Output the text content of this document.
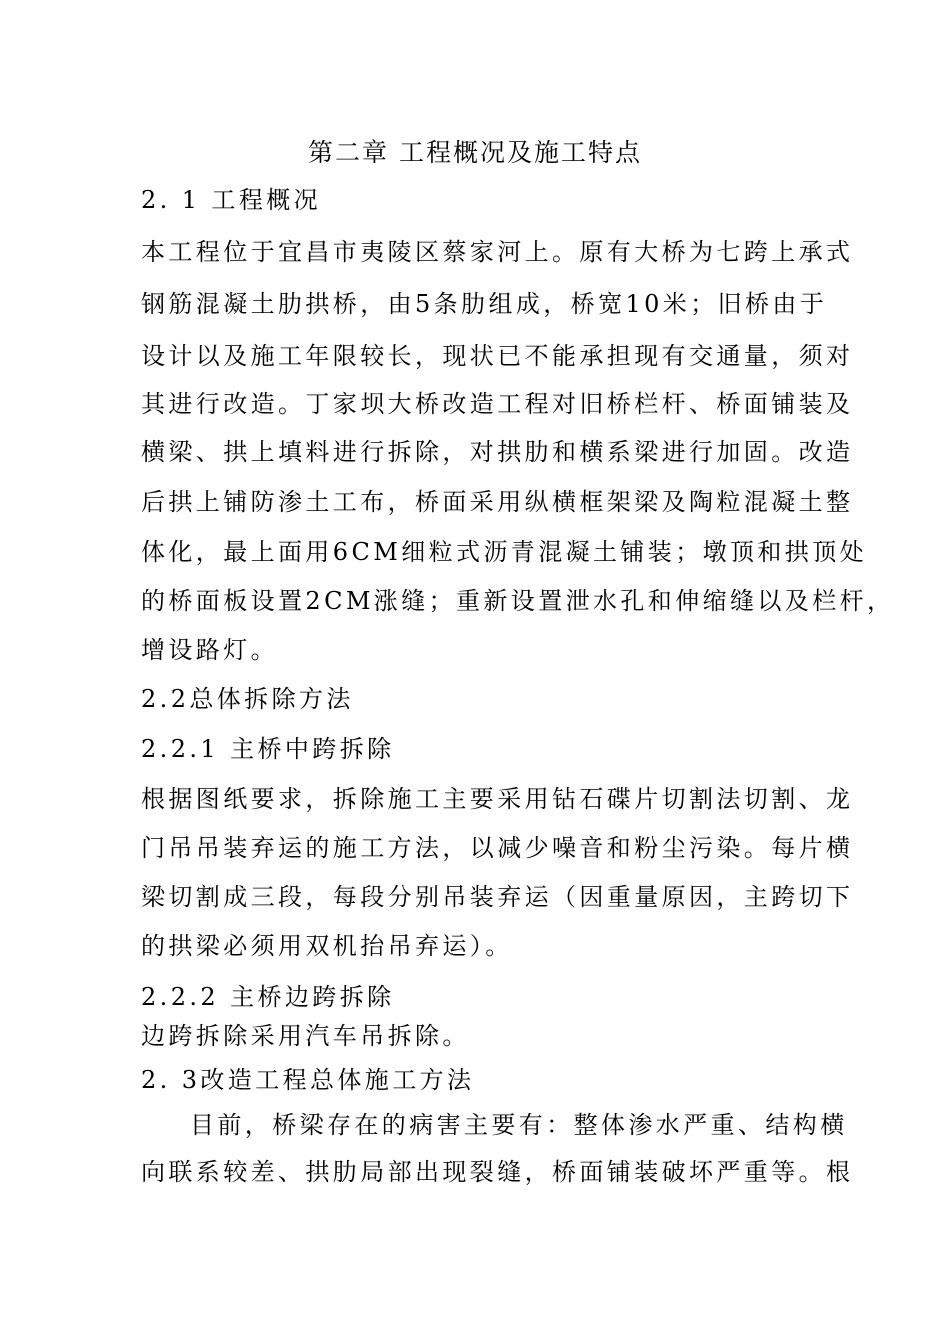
第二章 工程概况及施工特点
2. 1 工程概况
本工程位于宜昌市夷陵区蔡家河上。原有大桥为七跨上承式
钢筋混凝土肋拱桥，由5条肋组成，桥宽10米；旧桥由于
设计以及施工年限较长，现状已不能承担现有交通量，须对
其进行改造。丁家坝大桥改造工程对旧桥栏杆、桥面铺装及
横梁、拱上填料进行拆除，对拱肋和横系梁进行加固。改造
后拱上铺防渗土工布，桥面采用纵横框架梁及陶粒混凝土整
体化，最上面用6CM细粒式沥青混凝土铺装；墩顶和拱顶处
的桥面板设置2CM涨缝；重新设置泄水孔和伸缩缝以及栏杆，
增设路灯。
2.2总体拆除方法
2.2.1 主桥中跨拆除
根据图纸要求，拆除施工主要采用钻石碟片切割法切割、龙
门吊吊装弃运的施工方法，以减少噪音和粉尘污染。每片横
梁切割成三段，每段分别吊装弃运（因重量原因，主跨切下
的拱梁必须用双机抬吊弃运）。
2.2.2 主桥边跨拆除
边跨拆除采用汽车吊拆除。
2. 3改造工程总体施工方法
目前，桥梁存在的病害主要有：整体渗水严重、结构横
向联系较差、拱肋局部出现裂缝，桥面铺装破坏严重等。根
